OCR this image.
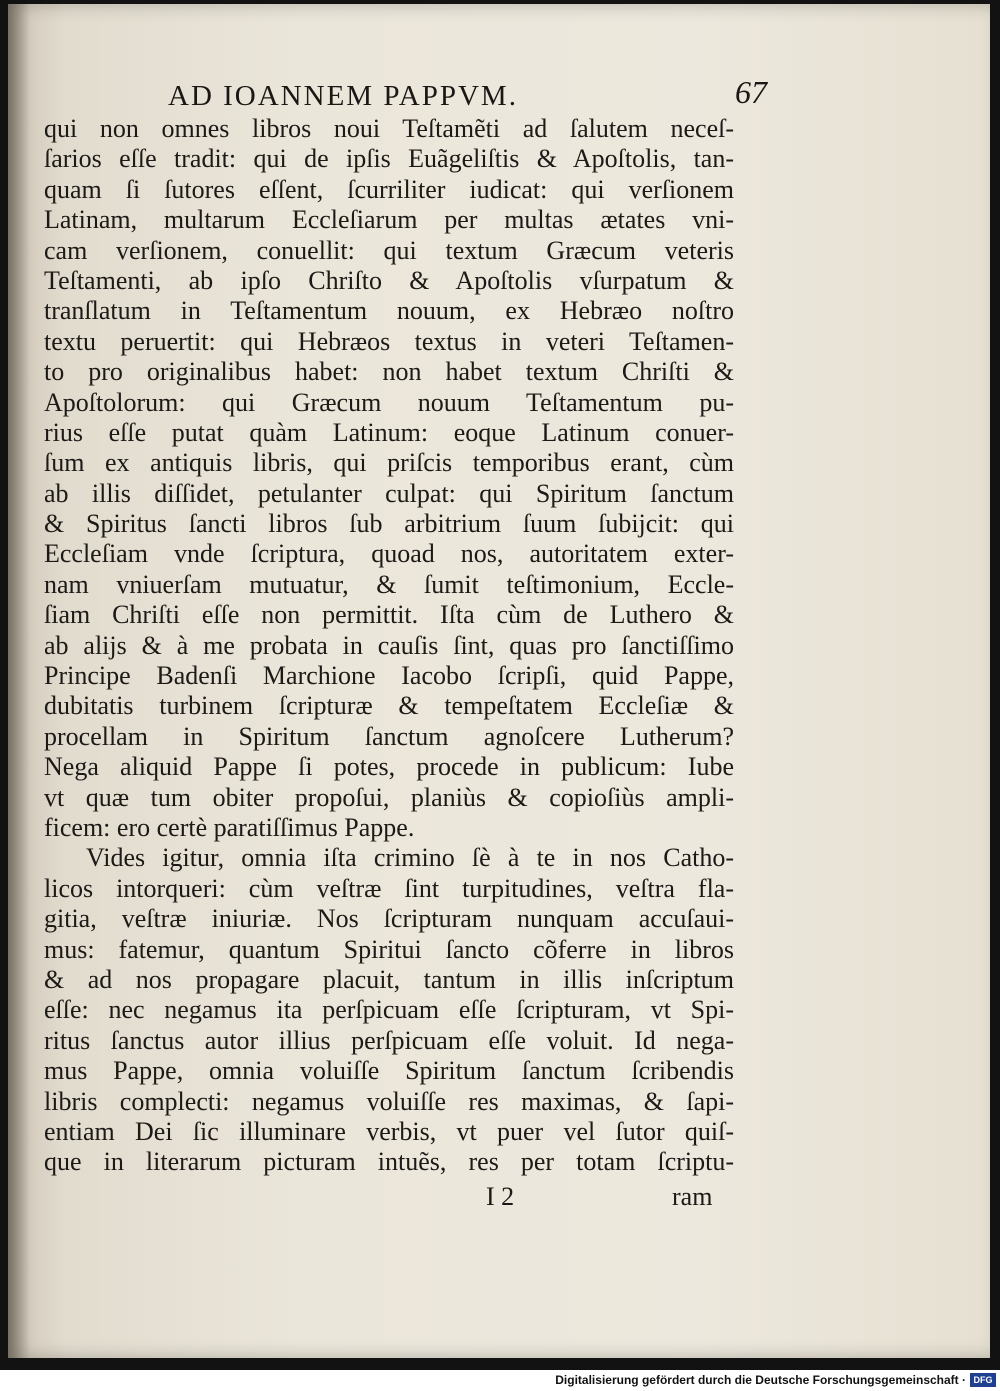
AD IOANNEM PAPPVM.	67
qui non omnes libros noui Teſtamẽti ad ſalutem neceſ-
ſarios eſſe tradit: qui de ipſis Euãgeliſtis & Apoſtolis, tan-
quam ſi ſutores eſſent, ſcurriliter iudicat: qui verſionem
Latinam, multarum Eccleſiarum per multas ætates vni-
cam verſionem, conuellit: qui textum Græcum veteris
Teſtamenti, ab ipſo Chriſto & Apoſtolis vſurpatum &
tranſlatum in Teſtamentum nouum, ex Hebræo noſtro
textu peruertit: qui Hebræos textus in veteri Teſtamen-
to pro originalibus habet: non habet textum Chriſti &
Apoſtolorum: qui Græcum nouum Teſtamentum pu-
rius eſſe putat quàm Latinum: eoque Latinum conuer-
ſum ex antiquis libris, qui priſcis temporibus erant, cùm
ab illis diſſidet, petulanter culpat: qui Spiritum ſanctum
& Spiritus ſancti libros ſub arbitrium ſuum ſubijcit: qui
Eccleſiam vnde ſcriptura, quoad nos, autoritatem exter-
nam vniuerſam mutuatur, & ſumit teſtimonium, Eccle-
ſiam Chriſti eſſe non permittit. Iſta cùm de Luthero &
ab alijs & à me probata in cauſis ſint, quas pro ſanctiſſimo
Principe Badenſi Marchione Iacobo ſcripſi, quid Pappe,
dubitatis turbinem ſcripturæ & tempeſtatem Eccleſiæ &
procellam in Spiritum ſanctum agnoſcere Lutherum?
Nega aliquid Pappe ſi potes, procede in publicum: Iube
vt quæ tum obiter propoſui, planiùs & copioſiùs ampli-
ficem: ero certè paratiſſimus Pappe.
Vides igitur, omnia iſta crimino ſè à te in nos Catho-
licos intorqueri: cùm veſtræ ſint turpitudines, veſtra fla-
gitia, veſtræ iniuriæ. Nos ſcripturam nunquam accuſaui-
mus: fatemur, quantum Spiritui ſancto cõferre in libros
& ad nos propagare placuit, tantum in illis inſcriptum
eſſe: nec negamus ita perſpicuam eſſe ſcripturam, vt Spi-
ritus ſanctus autor illius perſpicuam eſſe voluit. Id nega-
mus Pappe, omnia voluiſſe Spiritum ſanctum ſcribendis
libris complecti: negamus voluiſſe res maximas, & ſapi-
entiam Dei ſic illuminare verbis, vt puer vel ſutor quiſ-
que in literarum picturam intuẽs, res per totam ſcriptu-
I 2	ram
Digitalisierung gefördert durch die Deutsche Forschungsgemeinschaft · DFG
